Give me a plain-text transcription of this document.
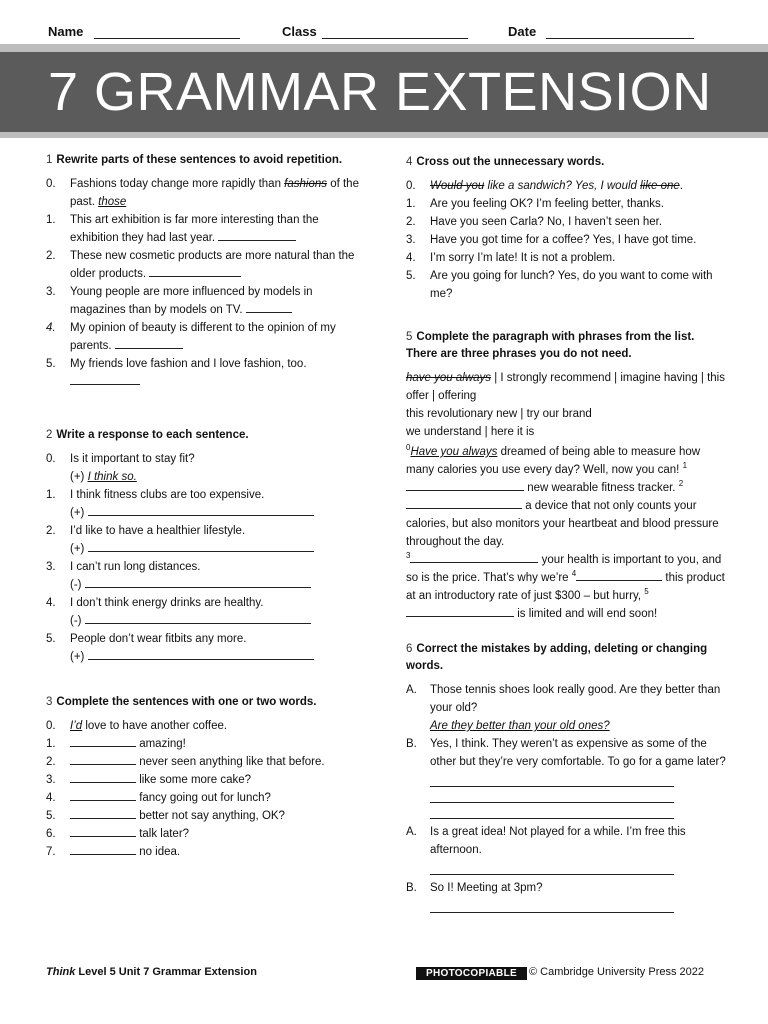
Name	Class	Date
7 GRAMMAR EXTENSION
1 Rewrite parts of these sentences to avoid repetition.
0.	Fashions today change more rapidly than fashions of the past. those
1.	This art exhibition is far more interesting than the exhibition they had last year.
2.	These new cosmetic products are more natural than the older products.
3.	Young people are more influenced by models in magazines than by models on TV.
4.	My opinion of beauty is different to the opinion of my parents.
5.	My friends love fashion and I love fashion, too.

2 Write a response to each sentence.
0.	Is it important to stay fit?
(+) I think so.
1.	I think fitness clubs are too expensive.
(+)
2.	I’d like to have a healthier lifestyle.
(+)
3.	I can’t run long distances.
(-)
4.	I don’t think energy drinks are healthy.
(-)
5.	People don’t wear fitbits any more.
(+)
3 Complete the sentences with one or two words.
0.	I’d love to have another coffee.
1.	amazing!
2.	never seen anything like that before.
3.	like some more cake?
4.	fancy going out for lunch?
5.	better not say anything, OK?
6.	talk later?
7.	no idea.
4 Cross out the unnecessary words.
0.	Would you like a sandwich? Yes, I would like one.
1.	Are you feeling OK? I’m feeling better, thanks.
2.	Have you seen Carla? No, I haven’t seen her.
3.	Have you got time for a coffee? Yes, I have got time.
4.	I’m sorry I’m late! It is not a problem.
5.	Are you going for lunch? Yes, do you want to come with me?
5 Complete the paragraph with phrases from the list. There are three phrases you do not need.
have you always | I strongly recommend | imagine having | this offer | offering
this revolutionary new | try our brand
we understand | here it is
$^0$Have you always dreamed of being able to measure how many calories you use every day? Well, now you can! $^1$ new wearable fitness tracker. $^2$ a device that not only counts your calories, but also monitors your heartbeat and blood pressure throughout the day.
$^3$	your health is important to you, and so is the price. That’s why we’re $^4$	this product at an introductory rate of just $300 – but hurry, $^5$ is limited and will end soon!
6 Correct the mistakes by adding, deleting or changing words.
A.	Those tennis shoes look really good. Are they better than your old?
Are they better than your old ones?
B.	Yes, I think. They weren’t as expensive as some of the other but they’re very comfortable. To go for a game later?
A.	Is a great idea! Not played for a while. I’m free this afternoon.
B.	So I! Meeting at 3pm?
Think Level 5 Unit 7 Grammar Extension	PHOTOCOPIABLE	© Cambridge University Press 2022
